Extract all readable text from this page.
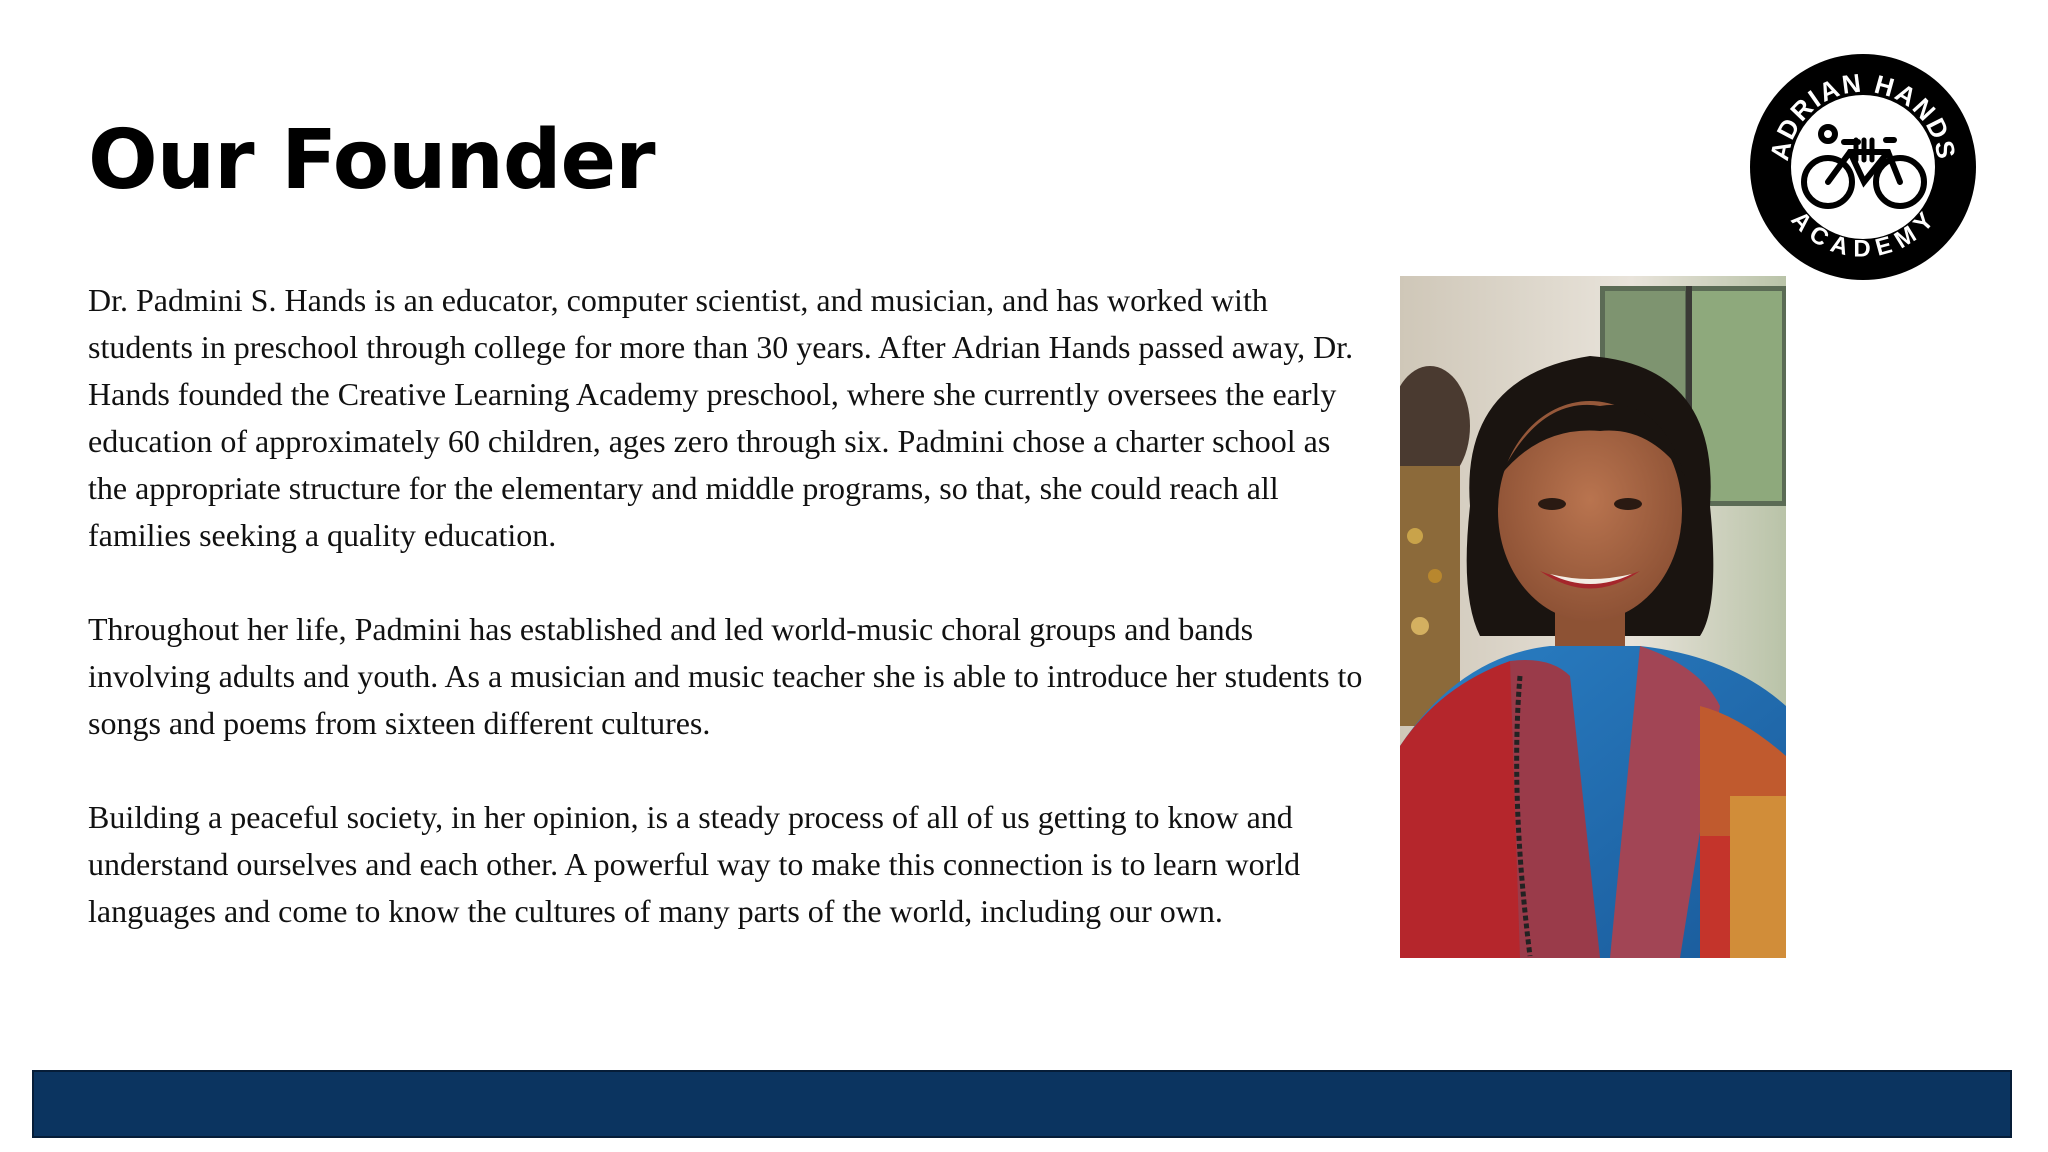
Our Founder

Dr. Padmini S. Hands is an educator, computer scientist, and musician, and has worked with students in preschool through college for more than 30 years. After Adrian Hands passed away, Dr. Hands founded the Creative Learning Academy preschool, where she currently oversees the early education of approximately 60 children, ages zero through six. Padmini chose a charter school as the appropriate structure for the elementary and middle programs, so that, she could reach all families seeking a quality education.

Throughout her life, Padmini has established and led world-music choral groups and bands involving adults and youth. As a musician and music teacher she is able to introduce her students to songs and poems from sixteen different cultures.

Building a peaceful society, in her opinion, is a steady process of all of us getting to know and understand ourselves and each other. A powerful way to make this connection is to learn world languages and come to know the cultures of many parts of the world, including our own.

ADRIAN HANDS
ACADEMY
